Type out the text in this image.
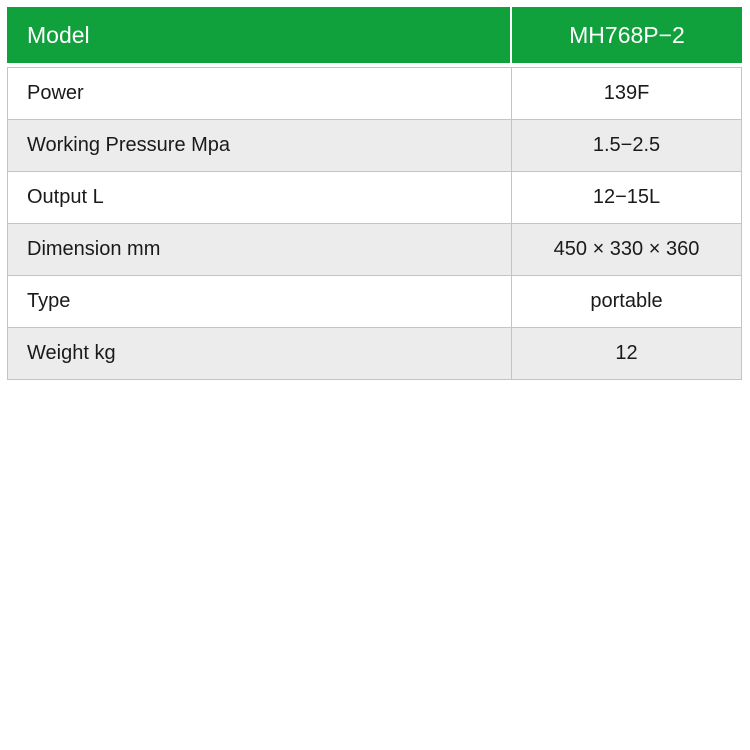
Model	MH768P−2
Power	139F
Working Pressure Mpa	1.5−2.5
Output L	12−15L
Dimension mm	450 × 330 × 360
Type	portable
Weight kg	12
